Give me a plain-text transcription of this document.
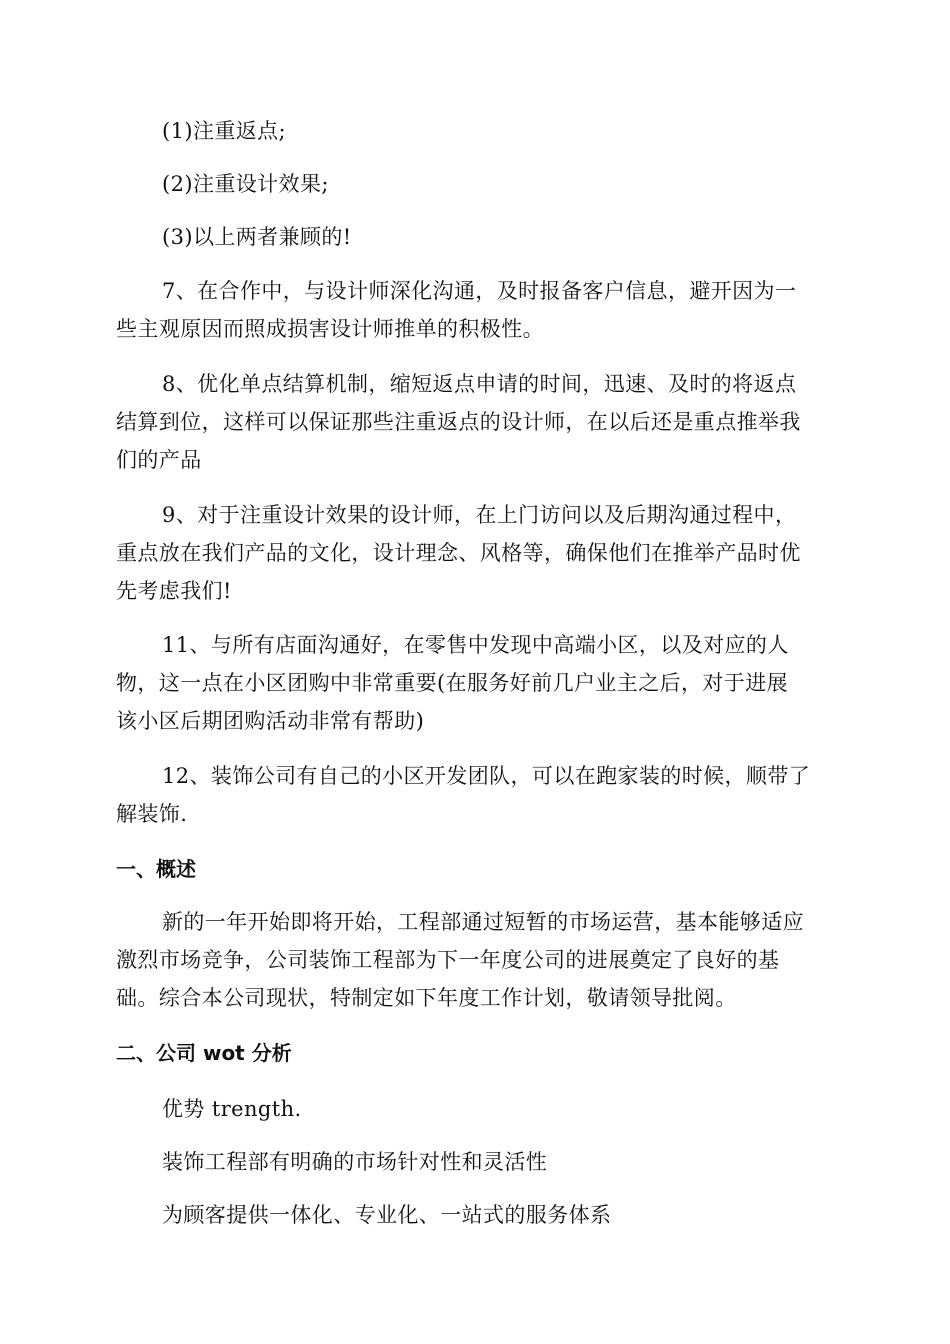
(1)注重返点;
(2)注重设计效果;
(3)以上两者兼顾的!
7、在合作中，与设计师深化沟通，及时报备客户信息，避开因为一
些主观原因而照成损害设计师推单的积极性。
8、优化单点结算机制，缩短返点申请的时间，迅速、及时的将返点
结算到位，这样可以保证那些注重返点的设计师，在以后还是重点推举我
们的产品
9、对于注重设计效果的设计师，在上门访问以及后期沟通过程中，
重点放在我们产品的文化，设计理念、风格等，确保他们在推举产品时优
先考虑我们!
11、与所有店面沟通好，在零售中发现中高端小区，以及对应的人
物，这一点在小区团购中非常重要(在服务好前几户业主之后，对于进展
该小区后期团购活动非常有帮助)
12、装饰公司有自己的小区开发团队，可以在跑家装的时候，顺带了
解装饰.
一、概述
新的一年开始即将开始，工程部通过短暂的市场运营，基本能够适应
激烈市场竞争，公司装饰工程部为下一年度公司的进展奠定了良好的基
础。综合本公司现状，特制定如下年度工作计划，敬请领导批阅。
二、公司 wot 分析
优势 trength.
装饰工程部有明确的市场针对性和灵活性
为顾客提供一体化、专业化、一站式的服务体系
